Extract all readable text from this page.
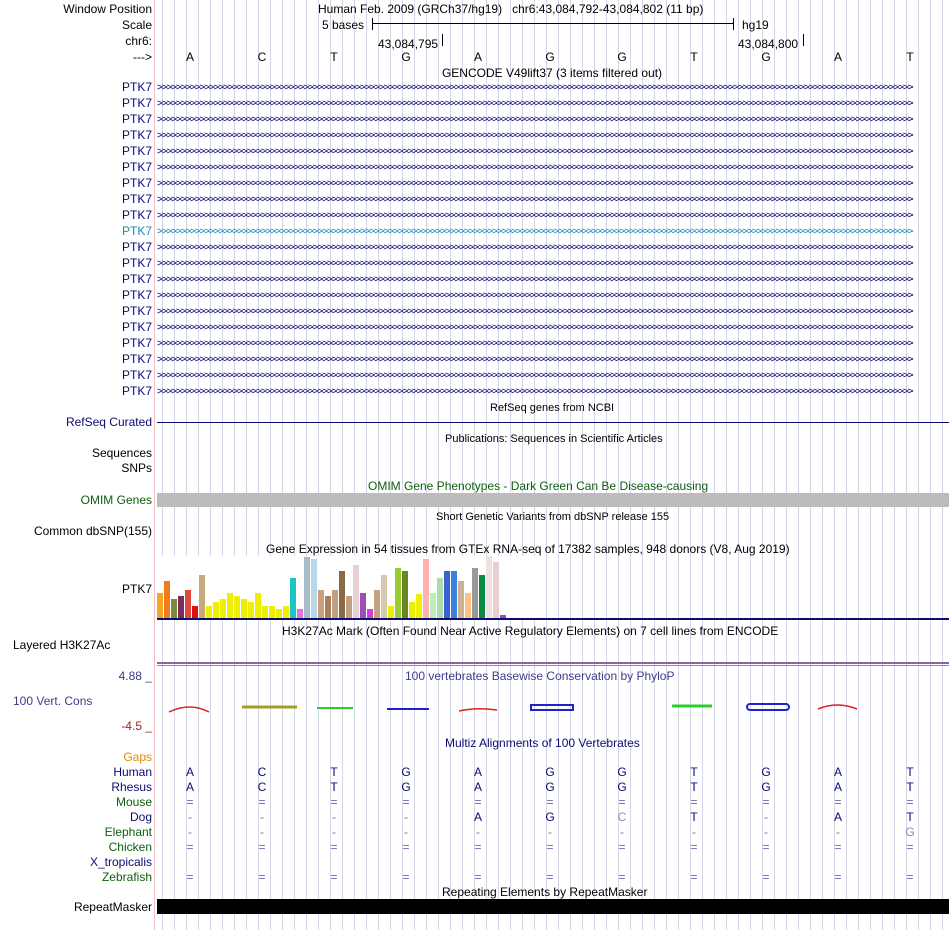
Window Position	Human Feb. 2009 (GRCh37/hg19)   chr6:43,084,792-43,084,802 (11 bp)
Scale	5 bases	hg19
chr6:	43,084,795	43,084,800
--->	A	C	T	G	A	G	G	T	G	A	T
GENCODE V49lift37 (3 items filtered out)
PTK7 >>>>>>>>>>>>>>>>>>>>>>>>>>>>>>>>>>>>>>>>>>>>>>>>>>>>>>>>>>>>>>>>>>>>>>>>>>>>>>>>>>>>>>>>>>>>>>>>>>>>>>>>>>>>>>>>>>>>>>>>>>>>>>>>>>>>>>>>>>>>>>>>>>>>>>>>>>>>>>>>
PTK7 >>>>>>>>>>>>>>>>>>>>>>>>>>>>>>>>>>>>>>>>>>>>>>>>>>>>>>>>>>>>>>>>>>>>>>>>>>>>>>>>>>>>>>>>>>>>>>>>>>>>>>>>>>>>>>>>>>>>>>>>>>>>>>>>>>>>>>>>>>>>>>>>>>>>>>>>>>>>>>>>
PTK7 >>>>>>>>>>>>>>>>>>>>>>>>>>>>>>>>>>>>>>>>>>>>>>>>>>>>>>>>>>>>>>>>>>>>>>>>>>>>>>>>>>>>>>>>>>>>>>>>>>>>>>>>>>>>>>>>>>>>>>>>>>>>>>>>>>>>>>>>>>>>>>>>>>>>>>>>>>>>>>>>
PTK7 >>>>>>>>>>>>>>>>>>>>>>>>>>>>>>>>>>>>>>>>>>>>>>>>>>>>>>>>>>>>>>>>>>>>>>>>>>>>>>>>>>>>>>>>>>>>>>>>>>>>>>>>>>>>>>>>>>>>>>>>>>>>>>>>>>>>>>>>>>>>>>>>>>>>>>>>>>>>>>>>
PTK7 >>>>>>>>>>>>>>>>>>>>>>>>>>>>>>>>>>>>>>>>>>>>>>>>>>>>>>>>>>>>>>>>>>>>>>>>>>>>>>>>>>>>>>>>>>>>>>>>>>>>>>>>>>>>>>>>>>>>>>>>>>>>>>>>>>>>>>>>>>>>>>>>>>>>>>>>>>>>>>>>
PTK7 >>>>>>>>>>>>>>>>>>>>>>>>>>>>>>>>>>>>>>>>>>>>>>>>>>>>>>>>>>>>>>>>>>>>>>>>>>>>>>>>>>>>>>>>>>>>>>>>>>>>>>>>>>>>>>>>>>>>>>>>>>>>>>>>>>>>>>>>>>>>>>>>>>>>>>>>>>>>>>>>
PTK7 >>>>>>>>>>>>>>>>>>>>>>>>>>>>>>>>>>>>>>>>>>>>>>>>>>>>>>>>>>>>>>>>>>>>>>>>>>>>>>>>>>>>>>>>>>>>>>>>>>>>>>>>>>>>>>>>>>>>>>>>>>>>>>>>>>>>>>>>>>>>>>>>>>>>>>>>>>>>>>>>
PTK7 >>>>>>>>>>>>>>>>>>>>>>>>>>>>>>>>>>>>>>>>>>>>>>>>>>>>>>>>>>>>>>>>>>>>>>>>>>>>>>>>>>>>>>>>>>>>>>>>>>>>>>>>>>>>>>>>>>>>>>>>>>>>>>>>>>>>>>>>>>>>>>>>>>>>>>>>>>>>>>>>
PTK7 >>>>>>>>>>>>>>>>>>>>>>>>>>>>>>>>>>>>>>>>>>>>>>>>>>>>>>>>>>>>>>>>>>>>>>>>>>>>>>>>>>>>>>>>>>>>>>>>>>>>>>>>>>>>>>>>>>>>>>>>>>>>>>>>>>>>>>>>>>>>>>>>>>>>>>>>>>>>>>>>
PTK7 >>>>>>>>>>>>>>>>>>>>>>>>>>>>>>>>>>>>>>>>>>>>>>>>>>>>>>>>>>>>>>>>>>>>>>>>>>>>>>>>>>>>>>>>>>>>>>>>>>>>>>>>>>>>>>>>>>>>>>>>>>>>>>>>>>>>>>>>>>>>>>>>>>>>>>>>>>>>>>>>
PTK7 >>>>>>>>>>>>>>>>>>>>>>>>>>>>>>>>>>>>>>>>>>>>>>>>>>>>>>>>>>>>>>>>>>>>>>>>>>>>>>>>>>>>>>>>>>>>>>>>>>>>>>>>>>>>>>>>>>>>>>>>>>>>>>>>>>>>>>>>>>>>>>>>>>>>>>>>>>>>>>>>
PTK7 >>>>>>>>>>>>>>>>>>>>>>>>>>>>>>>>>>>>>>>>>>>>>>>>>>>>>>>>>>>>>>>>>>>>>>>>>>>>>>>>>>>>>>>>>>>>>>>>>>>>>>>>>>>>>>>>>>>>>>>>>>>>>>>>>>>>>>>>>>>>>>>>>>>>>>>>>>>>>>>>
PTK7 >>>>>>>>>>>>>>>>>>>>>>>>>>>>>>>>>>>>>>>>>>>>>>>>>>>>>>>>>>>>>>>>>>>>>>>>>>>>>>>>>>>>>>>>>>>>>>>>>>>>>>>>>>>>>>>>>>>>>>>>>>>>>>>>>>>>>>>>>>>>>>>>>>>>>>>>>>>>>>>>
PTK7 >>>>>>>>>>>>>>>>>>>>>>>>>>>>>>>>>>>>>>>>>>>>>>>>>>>>>>>>>>>>>>>>>>>>>>>>>>>>>>>>>>>>>>>>>>>>>>>>>>>>>>>>>>>>>>>>>>>>>>>>>>>>>>>>>>>>>>>>>>>>>>>>>>>>>>>>>>>>>>>>
PTK7 >>>>>>>>>>>>>>>>>>>>>>>>>>>>>>>>>>>>>>>>>>>>>>>>>>>>>>>>>>>>>>>>>>>>>>>>>>>>>>>>>>>>>>>>>>>>>>>>>>>>>>>>>>>>>>>>>>>>>>>>>>>>>>>>>>>>>>>>>>>>>>>>>>>>>>>>>>>>>>>>
PTK7 >>>>>>>>>>>>>>>>>>>>>>>>>>>>>>>>>>>>>>>>>>>>>>>>>>>>>>>>>>>>>>>>>>>>>>>>>>>>>>>>>>>>>>>>>>>>>>>>>>>>>>>>>>>>>>>>>>>>>>>>>>>>>>>>>>>>>>>>>>>>>>>>>>>>>>>>>>>>>>>>
PTK7 >>>>>>>>>>>>>>>>>>>>>>>>>>>>>>>>>>>>>>>>>>>>>>>>>>>>>>>>>>>>>>>>>>>>>>>>>>>>>>>>>>>>>>>>>>>>>>>>>>>>>>>>>>>>>>>>>>>>>>>>>>>>>>>>>>>>>>>>>>>>>>>>>>>>>>>>>>>>>>>>
PTK7 >>>>>>>>>>>>>>>>>>>>>>>>>>>>>>>>>>>>>>>>>>>>>>>>>>>>>>>>>>>>>>>>>>>>>>>>>>>>>>>>>>>>>>>>>>>>>>>>>>>>>>>>>>>>>>>>>>>>>>>>>>>>>>>>>>>>>>>>>>>>>>>>>>>>>>>>>>>>>>>>
PTK7 >>>>>>>>>>>>>>>>>>>>>>>>>>>>>>>>>>>>>>>>>>>>>>>>>>>>>>>>>>>>>>>>>>>>>>>>>>>>>>>>>>>>>>>>>>>>>>>>>>>>>>>>>>>>>>>>>>>>>>>>>>>>>>>>>>>>>>>>>>>>>>>>>>>>>>>>>>>>>>>>
PTK7 >>>>>>>>>>>>>>>>>>>>>>>>>>>>>>>>>>>>>>>>>>>>>>>>>>>>>>>>>>>>>>>>>>>>>>>>>>>>>>>>>>>>>>>>>>>>>>>>>>>>>>>>>>>>>>>>>>>>>>>>>>>>>>>>>>>>>>>>>>>>>>>>>>>>>>>>>>>>>>>>
RefSeq genes from NCBI
RefSeq Curated
Publications: Sequences in Scientific Articles
Sequences
SNPs
OMIM Gene Phenotypes - Dark Green Can Be Disease-causing
OMIM Genes
Short Genetic Variants from dbSNP release 155
Common dbSNP(155)
Gene Expression in 54 tissues from GTEx RNA-seq of 17382 samples, 948 donors (V8, Aug 2019)
PTK7
H3K27Ac Mark (Often Found Near Active Regulatory Elements) on 7 cell lines from ENCODE
Layered H3K27Ac
100 vertebrates Basewise Conservation by PhyloP
4.88 _
100 Vert. Cons
-4.5 _
Multiz Alignments of 100 Vertebrates
Gaps
Human	A	C	T	G	A	G	G	T	G	A	T
Rhesus	A	C	T	G	A	G	G	T	G	A	T
Mouse	=	=	=	=	=	=	=	=	=	=	=
Dog	-	-	-	-	A	G	C	T	-	A	T
Elephant	-	-	-	-	-	-	-	-	-	-	G
Chicken	=	=	=	=	=	=	=	=	=	=	=
X_tropicalis
Zebrafish	=	=	=	=	=	=	=	=	=	=	=
Repeating Elements by RepeatMasker
RepeatMasker
